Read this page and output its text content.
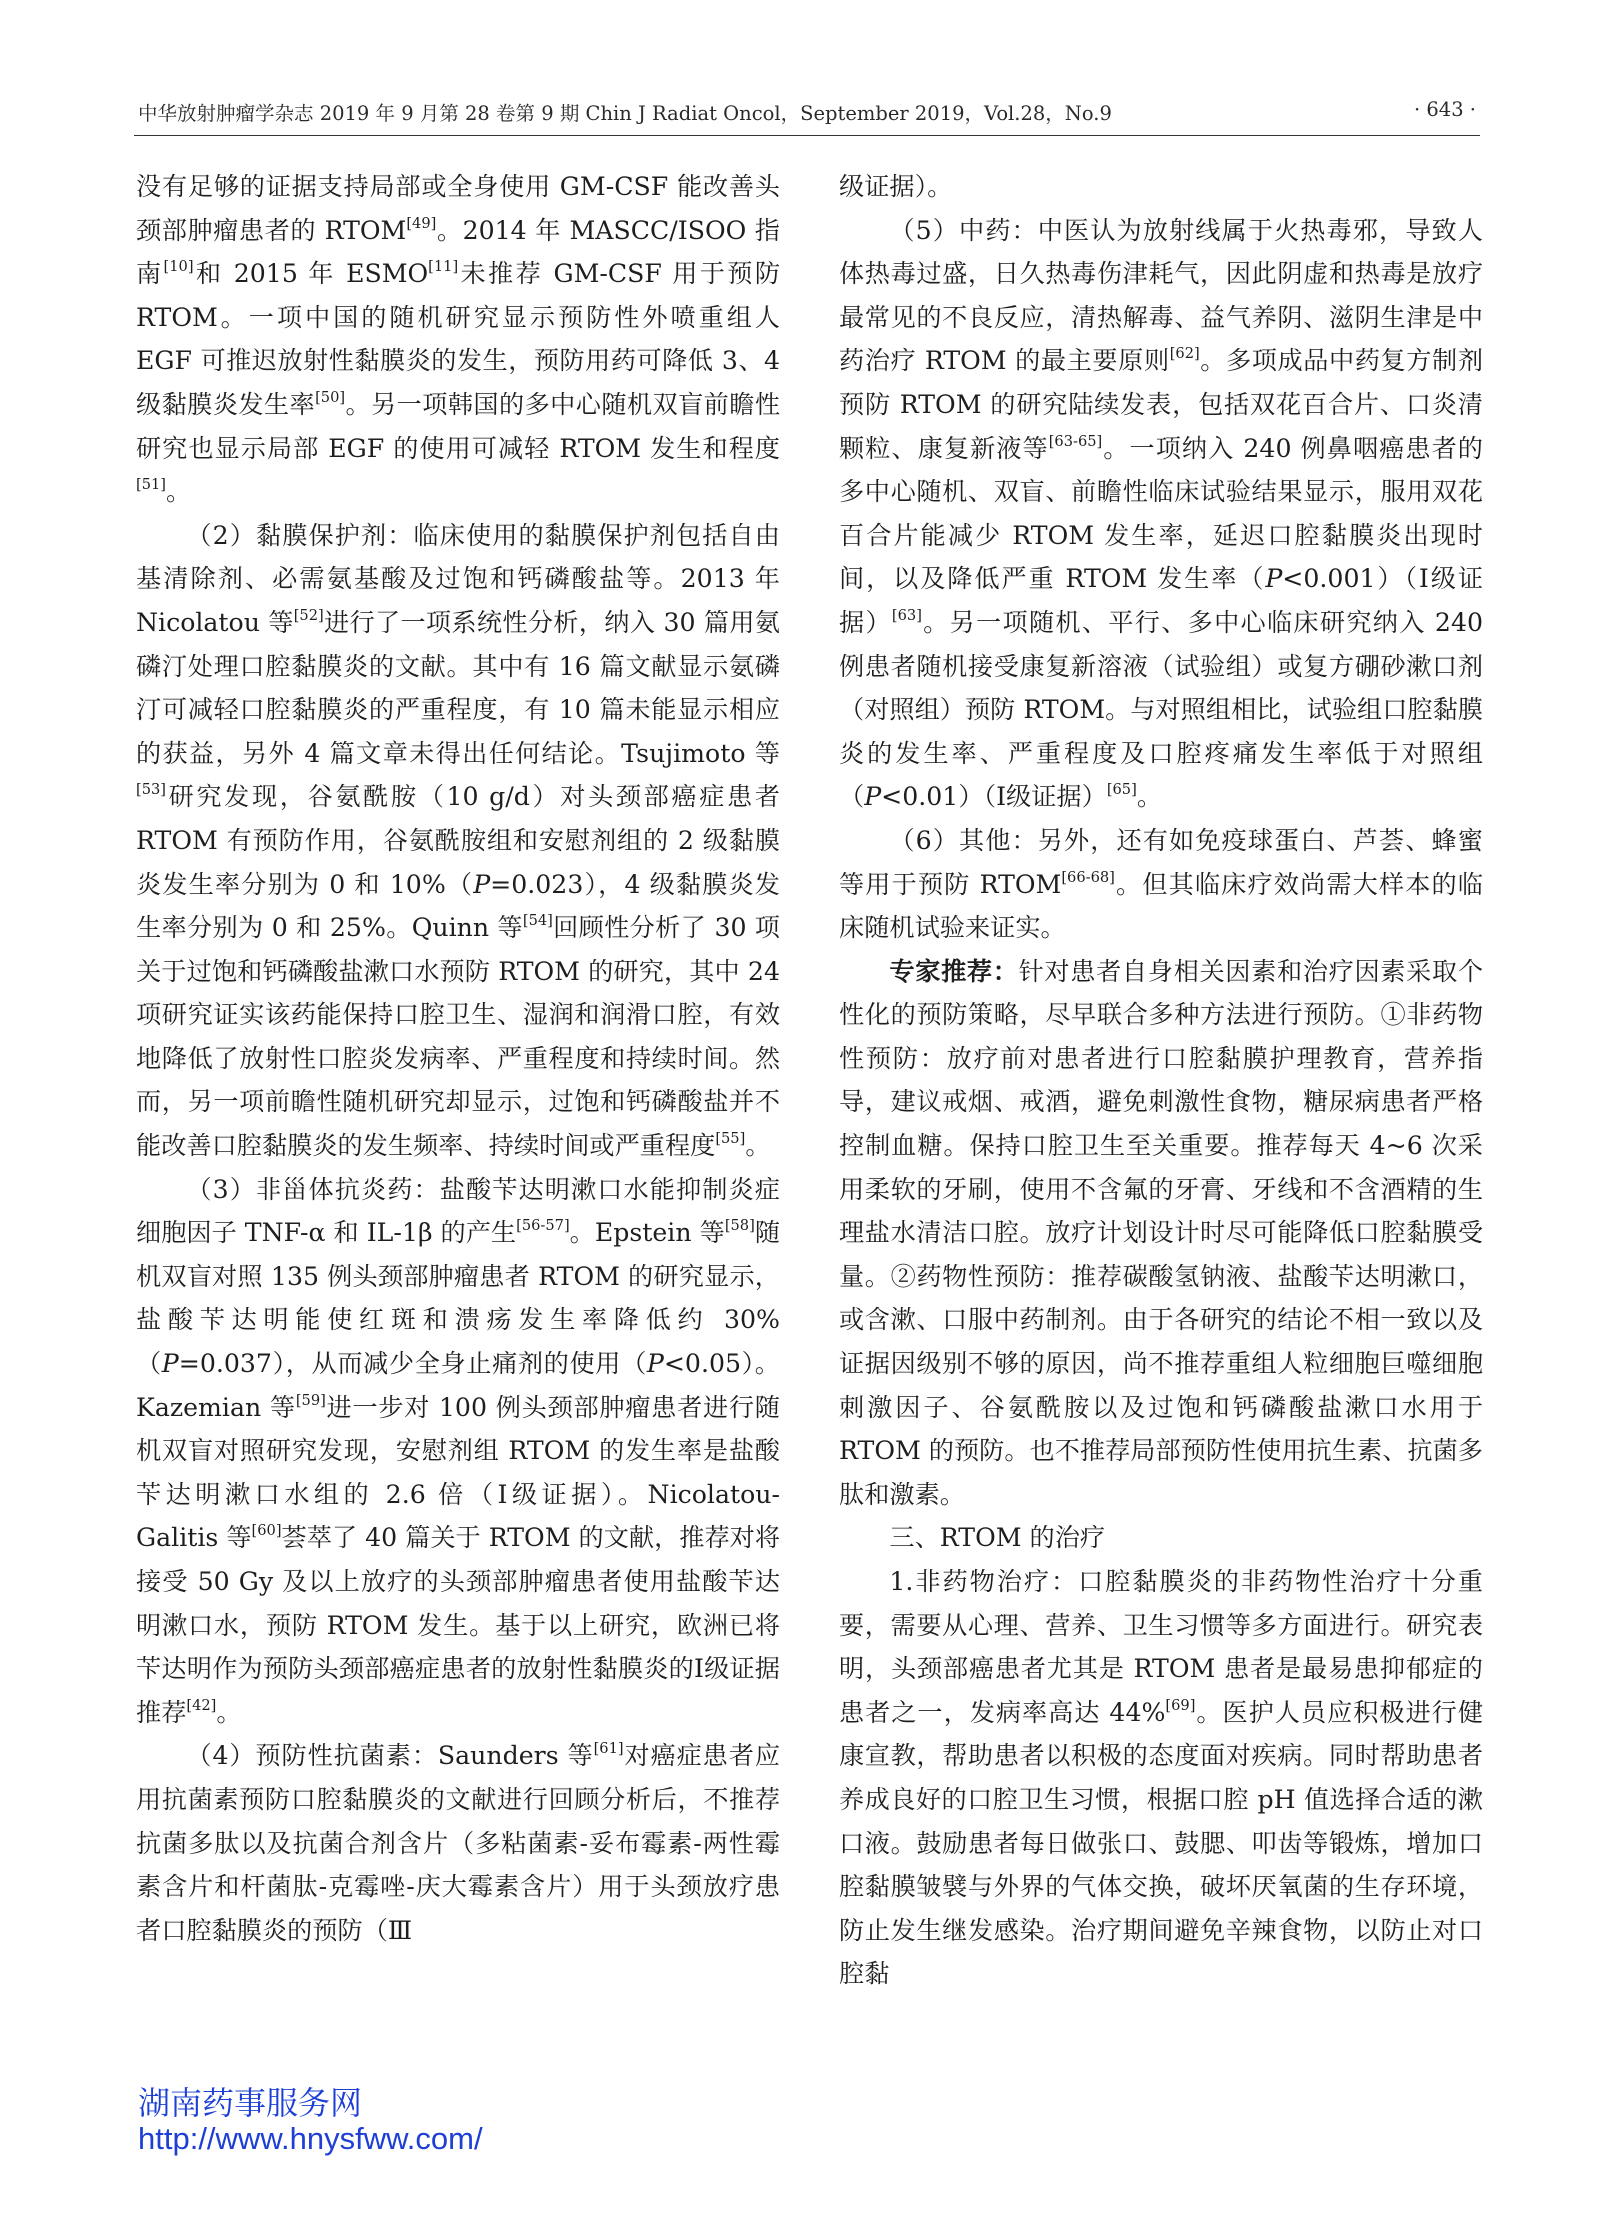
中华放射肿瘤学杂志 2019 年 9 月第 28 卷第 9 期 Chin J Radiat Oncol，September 2019，Vol.28，No.9	· 643 ·

没有足够的证据支持局部或全身使用 GM-CSF 能改善头颈部肿瘤患者的 RTOM[49]。2014 年 MASCC/ISOO 指南[10]和 2015 年 ESMO[11]未推荐 GM-CSF 用于预防 RTOM。一项中国的随机研究显示预防性外喷重组人 EGF 可推迟放射性黏膜炎的发生，预防用药可降低 3、4 级黏膜炎发生率[50]。另一项韩国的多中心随机双盲前瞻性研究也显示局部 EGF 的使用可减轻 RTOM 发生和程度[51]。

（2）黏膜保护剂：临床使用的黏膜保护剂包括自由基清除剂、必需氨基酸及过饱和钙磷酸盐等。2013 年 Nicolatou 等[52]进行了一项系统性分析，纳入 30 篇用氨磷汀处理口腔黏膜炎的文献。其中有 16 篇文献显示氨磷汀可减轻口腔黏膜炎的严重程度，有 10 篇未能显示相应的获益，另外 4 篇文章未得出任何结论。Tsujimoto 等[53]研究发现，谷氨酰胺（10 g/d）对头颈部癌症患者 RTOM 有预防作用，谷氨酰胺组和安慰剂组的 2 级黏膜炎发生率分别为 0 和 10%（P=0.023），4 级黏膜炎发生率分别为 0 和 25%。Quinn 等[54]回顾性分析了 30 项关于过饱和钙磷酸盐漱口水预防 RTOM 的研究，其中 24 项研究证实该药能保持口腔卫生、湿润和润滑口腔，有效地降低了放射性口腔炎发病率、严重程度和持续时间。然而，另一项前瞻性随机研究却显示，过饱和钙磷酸盐并不能改善口腔黏膜炎的发生频率、持续时间或严重程度[55]。

（3）非甾体抗炎药：盐酸苄达明漱口水能抑制炎症细胞因子 TNF-α 和 IL-1β 的产生[56-57]。Epstein 等[58]随机双盲对照 135 例头颈部肿瘤患者 RTOM 的研究显示，盐酸苄达明能使红斑和溃疡发生率降低约 30%（P=0.037），从而减少全身止痛剂的使用（P<0.05）。Kazemian 等[59]进一步对 100 例头颈部肿瘤患者进行随机双盲对照研究发现，安慰剂组 RTOM 的发生率是盐酸苄达明漱口水组的 2.6 倍（Ⅰ级证据）。Nicolatou-Galitis 等[60]荟萃了 40 篇关于 RTOM 的文献，推荐对将接受 50 Gy 及以上放疗的头颈部肿瘤患者使用盐酸苄达明漱口水，预防 RTOM 发生。基于以上研究，欧洲已将苄达明作为预防头颈部癌症患者的放射性黏膜炎的Ⅰ级证据推荐[42]。

（4）预防性抗菌素：Saunders 等[61]对癌症患者应用抗菌素预防口腔黏膜炎的文献进行回顾分析后，不推荐抗菌多肽以及抗菌合剂含片（多粘菌素-妥布霉素-两性霉素含片和杆菌肽-克霉唑-庆大霉素含片）用于头颈放疗患者口腔黏膜炎的预防（Ⅲ

级证据）。

（5）中药：中医认为放射线属于火热毒邪，导致人体热毒过盛，日久热毒伤津耗气，因此阴虚和热毒是放疗最常见的不良反应，清热解毒、益气养阴、滋阴生津是中药治疗 RTOM 的最主要原则[62]。多项成品中药复方制剂预防 RTOM 的研究陆续发表，包括双花百合片、口炎清颗粒、康复新液等[63-65]。一项纳入 240 例鼻咽癌患者的多中心随机、双盲、前瞻性临床试验结果显示，服用双花百合片能减少 RTOM 发生率，延迟口腔黏膜炎出现时间，以及降低严重 RTOM 发生率（P<0.001）（Ⅰ级证据）[63]。另一项随机、平行、多中心临床研究纳入 240 例患者随机接受康复新溶液（试验组）或复方硼砂漱口剂（对照组）预防 RTOM。与对照组相比，试验组口腔黏膜炎的发生率、严重程度及口腔疼痛发生率低于对照组（P<0.01）（Ⅰ级证据）[65]。

（6）其他：另外，还有如免疫球蛋白、芦荟、蜂蜜等用于预防 RTOM[66-68]。但其临床疗效尚需大样本的临床随机试验来证实。

专家推荐：针对患者自身相关因素和治疗因素采取个性化的预防策略，尽早联合多种方法进行预防。①非药物性预防：放疗前对患者进行口腔黏膜护理教育，营养指导，建议戒烟、戒酒，避免刺激性食物，糖尿病患者严格控制血糖。保持口腔卫生至关重要。推荐每天 4~6 次采用柔软的牙刷，使用不含氟的牙膏、牙线和不含酒精的生理盐水清洁口腔。放疗计划设计时尽可能降低口腔黏膜受量。②药物性预防：推荐碳酸氢钠液、盐酸苄达明漱口，或含漱、口服中药制剂。由于各研究的结论不相一致以及证据因级别不够的原因，尚不推荐重组人粒细胞巨噬细胞刺激因子、谷氨酰胺以及过饱和钙磷酸盐漱口水用于 RTOM 的预防。也不推荐局部预防性使用抗生素、抗菌多肽和激素。

三、RTOM 的治疗

1.非药物治疗：口腔黏膜炎的非药物性治疗十分重要，需要从心理、营养、卫生习惯等多方面进行。研究表明，头颈部癌患者尤其是 RTOM 患者是最易患抑郁症的患者之一，发病率高达 44%[69]。医护人员应积极进行健康宣教，帮助患者以积极的态度面对疾病。同时帮助患者养成良好的口腔卫生习惯，根据口腔 pH 值选择合适的漱口液。鼓励患者每日做张口、鼓腮、叩齿等锻炼，增加口腔黏膜皱襞与外界的气体交换，破坏厌氧菌的生存环境，防止发生继发感染。治疗期间避免辛辣食物，以防止对口腔黏

湖南药事服务网
http://www.hnysfww.com/
